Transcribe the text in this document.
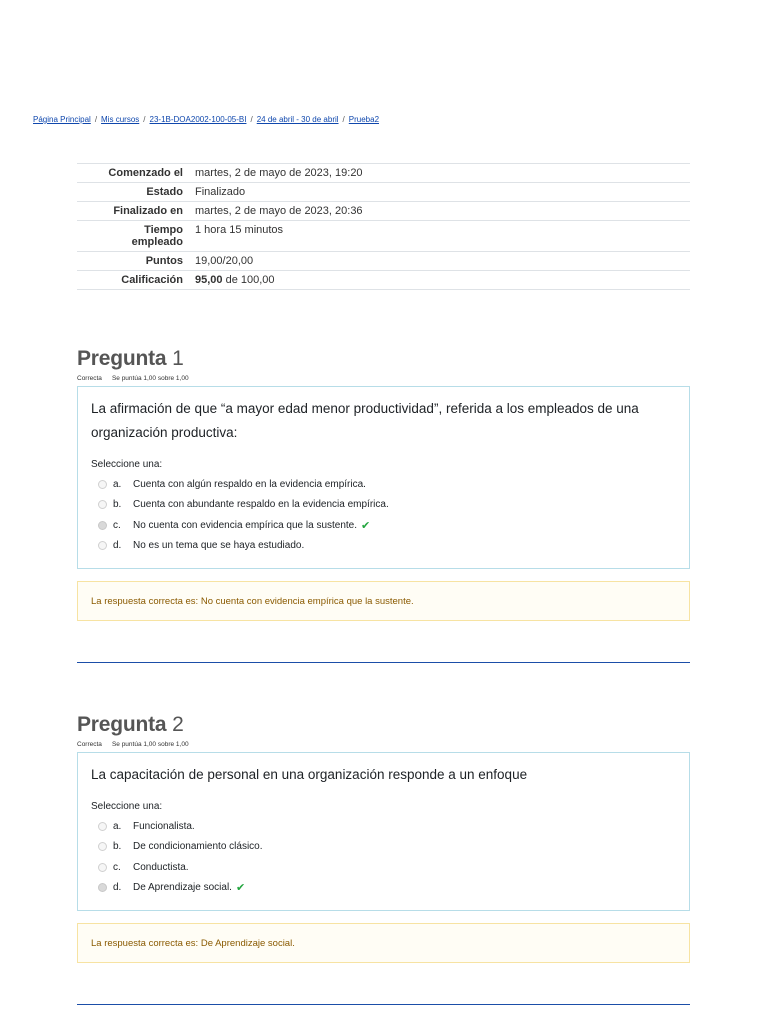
Página Principal / Mis cursos / 23-1B-DOA2002-100-05-BI / 24 de abril - 30 de abril / Prueba2
Comenzado el	martes, 2 de mayo de 2023, 19:20
Estado	Finalizado
Finalizado en	martes, 2 de mayo de 2023, 20:36
Tiempo
empleado	1 hora 15 minutos
Puntos	19,00/20,00
Calificación	95,00 de 100,00
Pregunta 1
Correcta Se puntúa 1,00 sobre 1,00
La afirmación de que “a mayor edad menor productividad”, referida a los empleados de una organización productiva:
Seleccione una:
a.	Cuenta con algún respaldo en la evidencia empírica.
b.	Cuenta con abundante respaldo en la evidencia empírica.
c.	No cuenta con evidencia empírica que la sustente. ✔
d.	No es un tema que se haya estudiado.
La respuesta correcta es: No cuenta con evidencia empírica que la sustente.
Pregunta 2
Correcta Se puntúa 1,00 sobre 1,00
La capacitación de personal en una organización responde a un enfoque
Seleccione una:
a.	Funcionalista.
b.	De condicionamiento clásico.
c.	Conductista.
d.	De Aprendizaje social. ✔
La respuesta correcta es: De Aprendizaje social.
